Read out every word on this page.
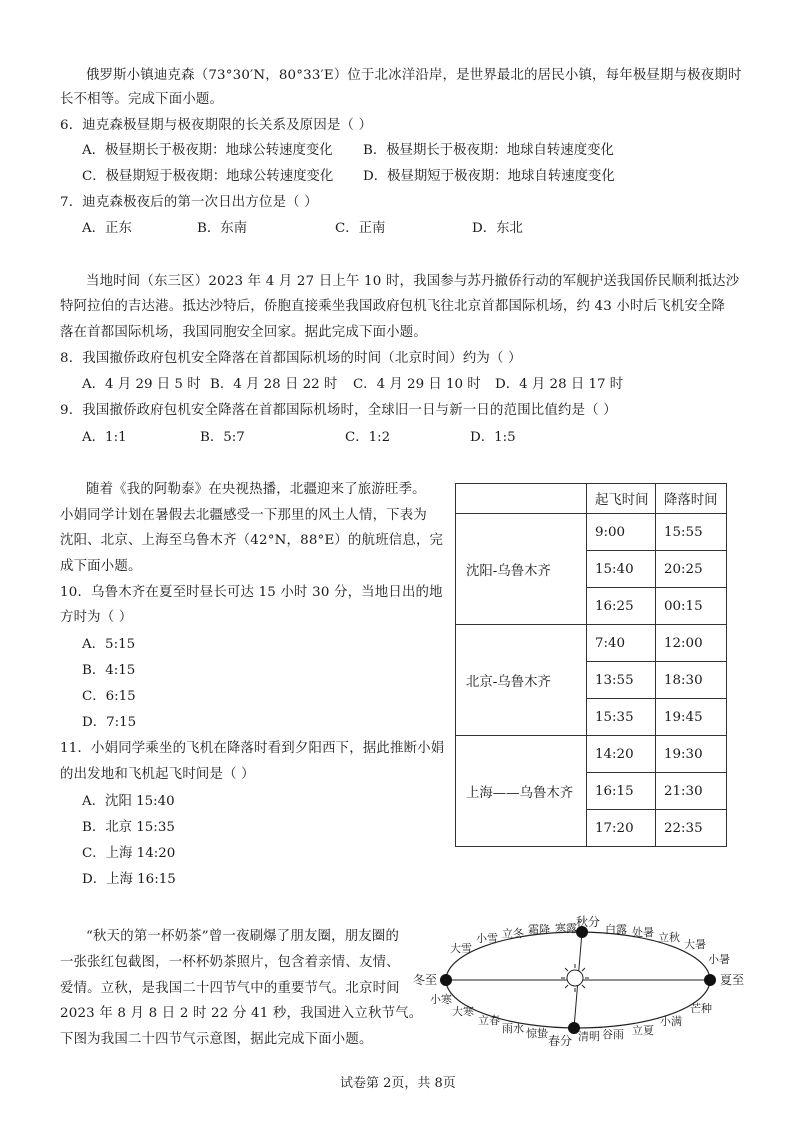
俄罗斯小镇迪克森（73°30′N，80°33′E）位于北冰洋沿岸，是世界最北的居民小镇，每年极昼期与极夜期时
长不相等。完成下面小题。
6．迪克森极昼期与极夜期限的长关系及原因是（ ）
A．极昼期长于极夜期：地球公转速度变化 B．极昼期长于极夜期：地球自转速度变化
C．极昼期短于极夜期：地球公转速度变化 D．极昼期短于极夜期：地球自转速度变化
7．迪克森极夜后的第一次日出方位是（ ）
A．正东	B．东南	C．正南	D．东北
当地时间（东三区）2023 年 4 月 27 日上午 10 时，我国参与苏丹撤侨行动的军舰护送我国侨民顺利抵达沙
特阿拉伯的吉达港。抵达沙特后，侨胞直接乘坐我国政府包机飞往北京首都国际机场，约 43 小时后飞机安全降
落在首都国际机场，我国同胞安全回家。据此完成下面小题。
8．我国撤侨政府包机安全降落在首都国际机场的时间（北京时间）约为（ ）
A．4 月 29 日 5 时 B．4 月 28 日 22 时 C．4 月 29 日 10 时 D．4 月 28 日 17 时
9．我国撤侨政府包机安全降落在首都国际机场时，全球旧一日与新一日的范围比值约是（ ）
A．1:1	B．5:7	C．1:2	D．1:5
随着《我的阿勒泰》在央视热播，北疆迎来了旅游旺季。
小娟同学计划在暑假去北疆感受一下那里的风土人情，下表为
沈阳、北京、上海至乌鲁木齐（42°N，88°E）的航班信息，完
成下面小题。
10．乌鲁木齐在夏至时昼长可达 15 小时 30 分，当地日出的地
方时为（ ）
A．5:15
B．4:15
C．6:15
D．7:15
11．小娟同学乘坐的飞机在降落时看到夕阳西下，据此推断小娟
的出发地和飞机起飞时间是（ ）
A．沈阳 15:40
B．北京 15:35
C．上海 14:20
D．上海 16:15
	起飞时间	降落时间
沈阳-乌鲁木齐	9:00	15:55
	15:40	20:25
	16:25	00:15
北京-乌鲁木齐	7:40	12:00
	13:55	18:30
	15:35	19:45
上海——乌鲁木齐	14:20	19:30
	16:15	21:30
	17:20	22:35
“秋天的第一杯奶茶”曾一夜刷爆了朋友圈，朋友圈的
一张张红包截图，一杯杯奶茶照片，包含着亲情、友情、
爱情。立秋，是我国二十四节气中的重要节气。北京时间
2023 年 8 月 8 日 2 时 22 分 41 秒，我国进入立秋节气。
下图为我国二十四节气示意图，据此完成下面小题。
冬至	夏至
秋分
春分
大雪
小雪 立冬 霜降 寒露	白露 处暑 立秋
大暑
小暑
小寒
大寒
立春
雨水 惊蛰	清明 谷雨 立夏
小满
芒种
试卷第 2页，共 8页
